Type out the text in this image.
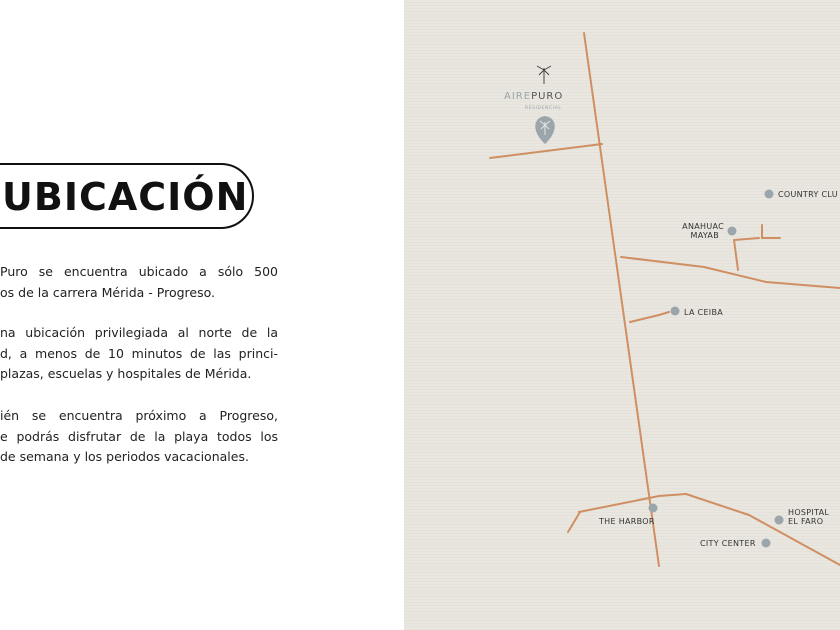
UBICACIÓN
Puro se encuentra ubicado a sólo 500
os de la carrera Mérida - Progreso.
na ubicación privilegiada al norte de la
d, a menos de 10 minutos de las princi-
plazas, escuelas y hospitales de Mérida.
ién se encuentra próximo a Progreso,
e podrás disfrutar de la playa todos los
de semana y los periodos vacacionales.
AIREPURO
RESIDENCIAL
COUNTRY CLU
ANAHUAC
MAYAB
LA CEIBA
THE HARBOR
HOSPITAL
EL FARO
CITY CENTER
